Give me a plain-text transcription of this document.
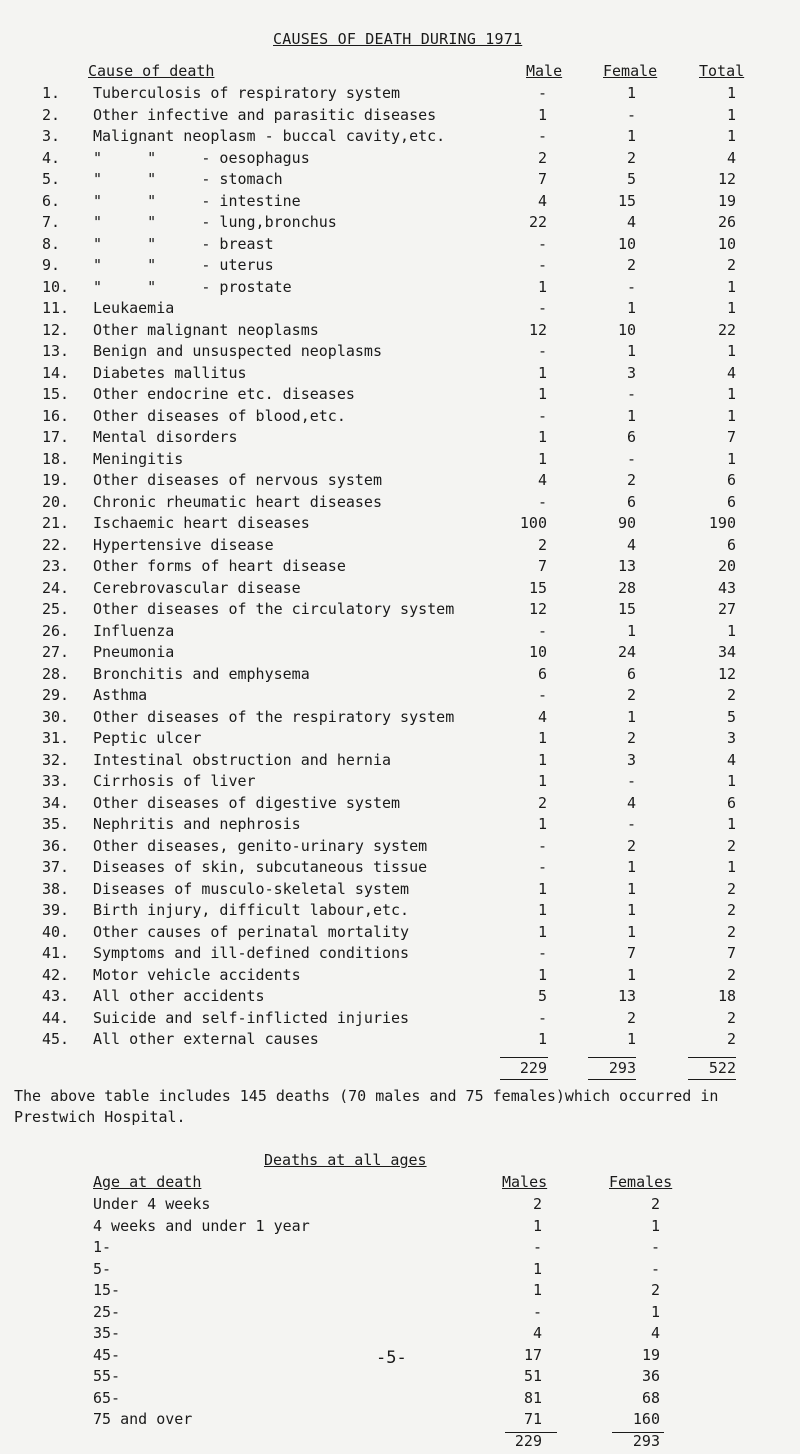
CAUSES OF DEATH DURING 1971
Cause of death	Male	Female	Total
1.	Tuberculosis of respiratory system	-	1	1
2.	Other infective and parasitic diseases	1	-	1
3.	Malignant neoplasm - buccal cavity,etc.	-	1	1
4.	"     "     - oesophagus	2	2	4
5.	"     "     - stomach	7	5	12
6.	"     "     - intestine	4	15	19
7.	"     "     - lung,bronchus	22	4	26
8.	"     "     - breast	-	10	10
9.	"     "     - uterus	-	2	2
10.	"     "     - prostate	1	-	1
11.	Leukaemia	-	1	1
12.	Other malignant neoplasms	12	10	22
13.	Benign and unsuspected neoplasms	-	1	1
14.	Diabetes mallitus	1	3	4
15.	Other endocrine etc. diseases	1	-	1
16.	Other diseases of blood,etc.	-	1	1
17.	Mental disorders	1	6	7
18.	Meningitis	1	-	1
19.	Other diseases of nervous system	4	2	6
20.	Chronic rheumatic heart diseases	-	6	6
21.	Ischaemic heart diseases	100	90	190
22.	Hypertensive disease	2	4	6
23.	Other forms of heart disease	7	13	20
24.	Cerebrovascular disease	15	28	43
25.	Other diseases of the circulatory system	12	15	27
26.	Influenza	-	1	1
27.	Pneumonia	10	24	34
28.	Bronchitis and emphysema	6	6	12
29.	Asthma	-	2	2
30.	Other diseases of the respiratory system	4	1	5
31.	Peptic ulcer	1	2	3
32.	Intestinal obstruction and hernia	1	3	4
33.	Cirrhosis of liver	1	-	1
34.	Other diseases of digestive system	2	4	6
35.	Nephritis and nephrosis	1	-	1
36.	Other diseases, genito-urinary system	-	2	2
37.	Diseases of skin, subcutaneous tissue	-	1	1
38.	Diseases of musculo-skeletal system	1	1	2
39.	Birth injury, difficult labour,etc.	1	1	2
40.	Other causes of perinatal mortality	1	1	2
41.	Symptoms and ill-defined conditions	-	7	7
42.	Motor vehicle accidents	1	1	2
43.	All other accidents	5	13	18
44.	Suicide and self-inflicted injuries	-	2	2
45.	All other external causes	1	1	2
229	293	522
The above table includes 145 deaths (70 males and 75 females)which occurred in Prestwich Hospital.
Deaths at all ages
Age at death	Males	Females
Under 4 weeks	2	2
4 weeks and under 1 year	1	1
1-	-	-
5-	1	-
15-	1	2
25-	-	1
35-	4	4
45-	17	19
55-	51	36
65-	81	68
75 and over	71	160
229	293
-5-
